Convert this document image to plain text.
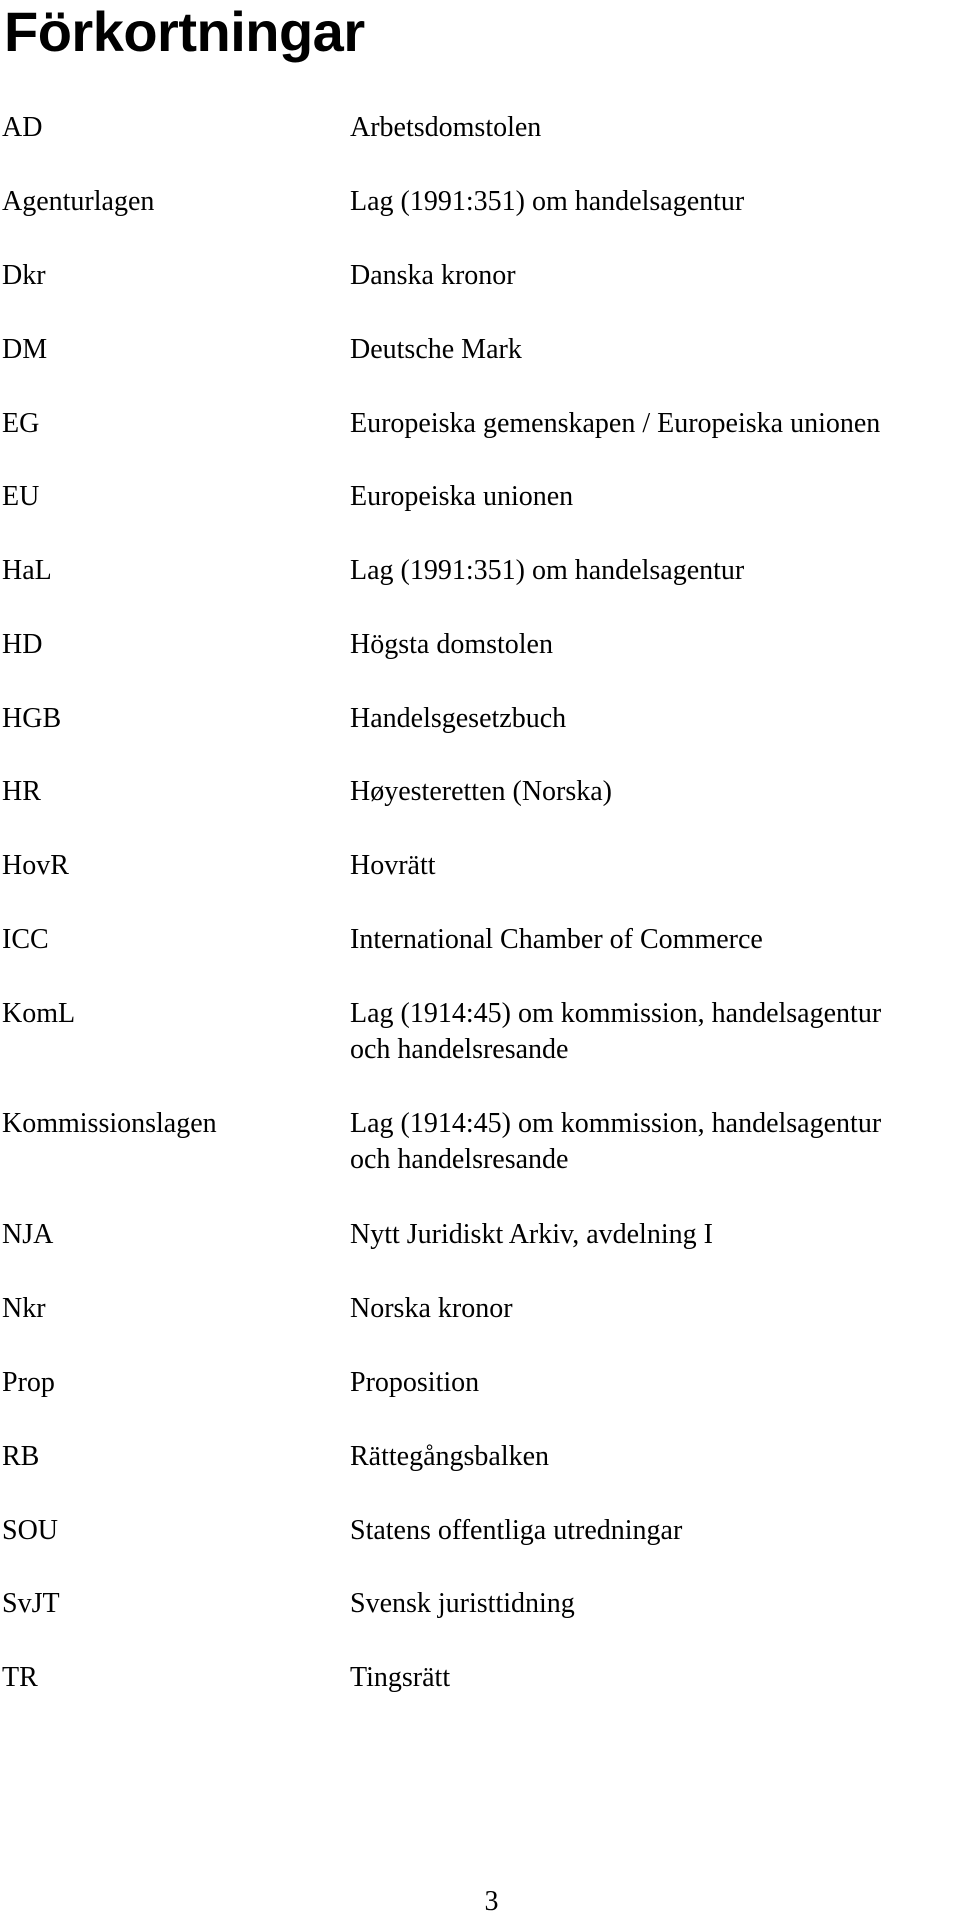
Förkortningar
AD	Arbetsdomstolen
Agenturlagen	Lag (1991:351) om handelsagentur
Dkr	Danska kronor
DM	Deutsche Mark
EG	Europeiska gemenskapen / Europeiska unionen
EU	Europeiska unionen
HaL	Lag (1991:351) om handelsagentur
HD	Högsta domstolen
HGB	Handelsgesetzbuch
HR	Høyesteretten (Norska)
HovR	Hovrätt
ICC	International Chamber of Commerce
KomL	Lag (1914:45) om kommission, handelsagentur
och handelsresande
Kommissionslagen	Lag (1914:45) om kommission, handelsagentur
och handelsresande
NJA	Nytt Juridiskt Arkiv, avdelning I
Nkr	Norska kronor
Prop	Proposition
RB	Rättegångsbalken
SOU	Statens offentliga utredningar
SvJT	Svensk juristtidning
TR	Tingsrätt
3
